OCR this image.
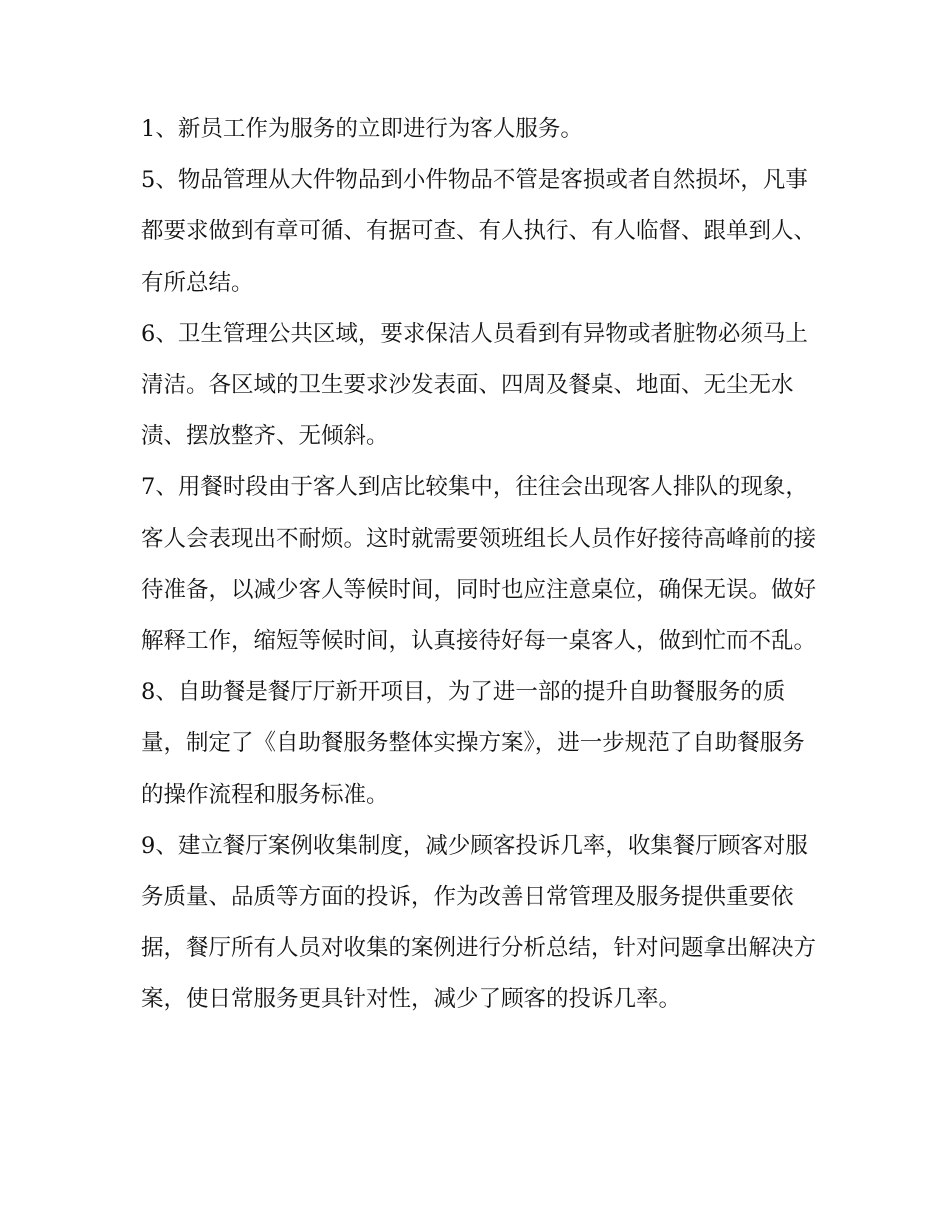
1、新员工作为服务的立即进行为客人服务。

5、物品管理从大件物品到小件物品不管是客损或者自然损坏，凡事都要求做到有章可循、有据可查、有人执行、有人临督、跟单到人、有所总结。

6、卫生管理公共区域，要求保洁人员看到有异物或者脏物必须马上清洁。各区域的卫生要求沙发表面、四周及餐桌、地面、无尘无水渍、摆放整齐、无倾斜。

7、用餐时段由于客人到店比较集中，往往会出现客人排队的现象，客人会表现出不耐烦。这时就需要领班组长人员作好接待高峰前的接待准备，以减少客人等候时间，同时也应注意桌位，确保无误。做好解释工作，缩短等候时间，认真接待好每一桌客人，做到忙而不乱。

8、自助餐是餐厅厅新开项目，为了进一部的提升自助餐服务的质量，制定了《自助餐服务整体实操方案》，进一步规范了自助餐服务的操作流程和服务标准。

9、建立餐厅案例收集制度，减少顾客投诉几率，收集餐厅顾客对服务质量、品质等方面的投诉，作为改善日常管理及服务提供重要依据，餐厅所有人员对收集的案例进行分析总结，针对问题拿出解决方案，使日常服务更具针对性，减少了顾客的投诉几率。
